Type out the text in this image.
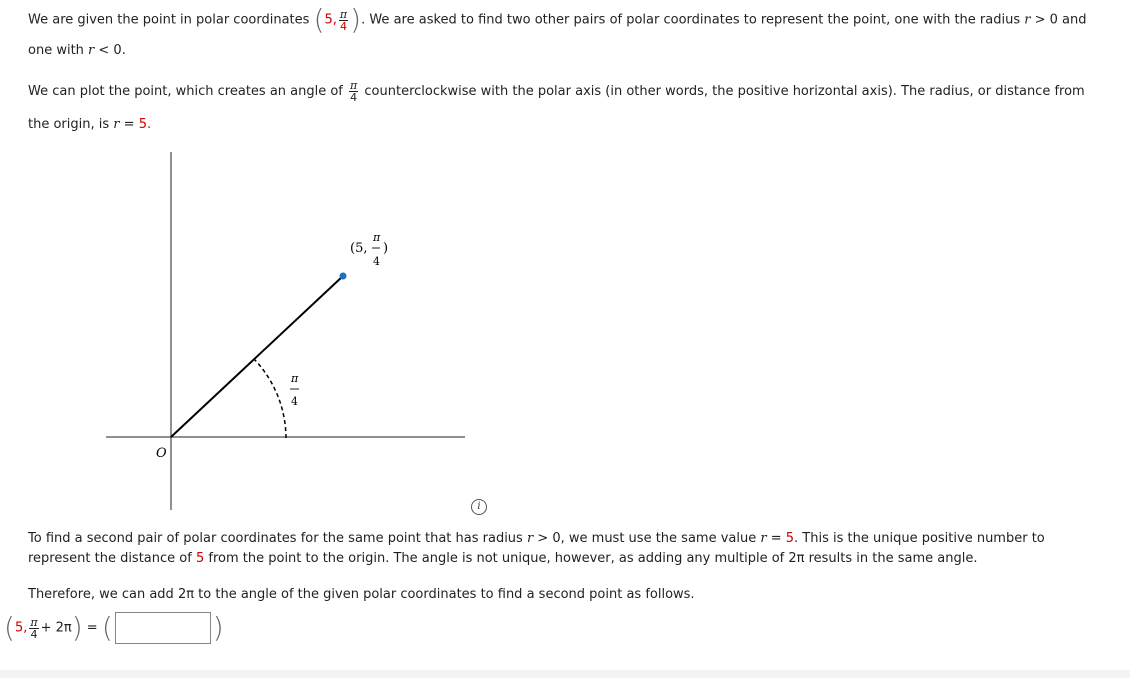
We are given the point in polar coordinates (5, $\frac{\pi}{4}$ ). We are asked to find two other pairs of polar coordinates to represent the point, one with the radius r > 0 and
one with r < 0.
We can plot the point, which creates an angle of $\frac{\pi}{4}$ counterclockwise with the polar axis (in other words, the positive horizontal axis). The radius, or distance from
the origin, is r = 5.
O
(5,
π
4
)
π
4
i
To find a second pair of polar coordinates for the same point that has radius r > 0, we must use the same value r = 5. This is the unique positive number to
represent the distance of 5 from the point to the origin. The angle is not unique, however, as adding any multiple of 2π results in the same angle.
Therefore, we can add 2π to the angle of the given polar coordinates to find a second point as follows.
(5, $\frac{\pi}{4} + 2\pi$) = (	)
